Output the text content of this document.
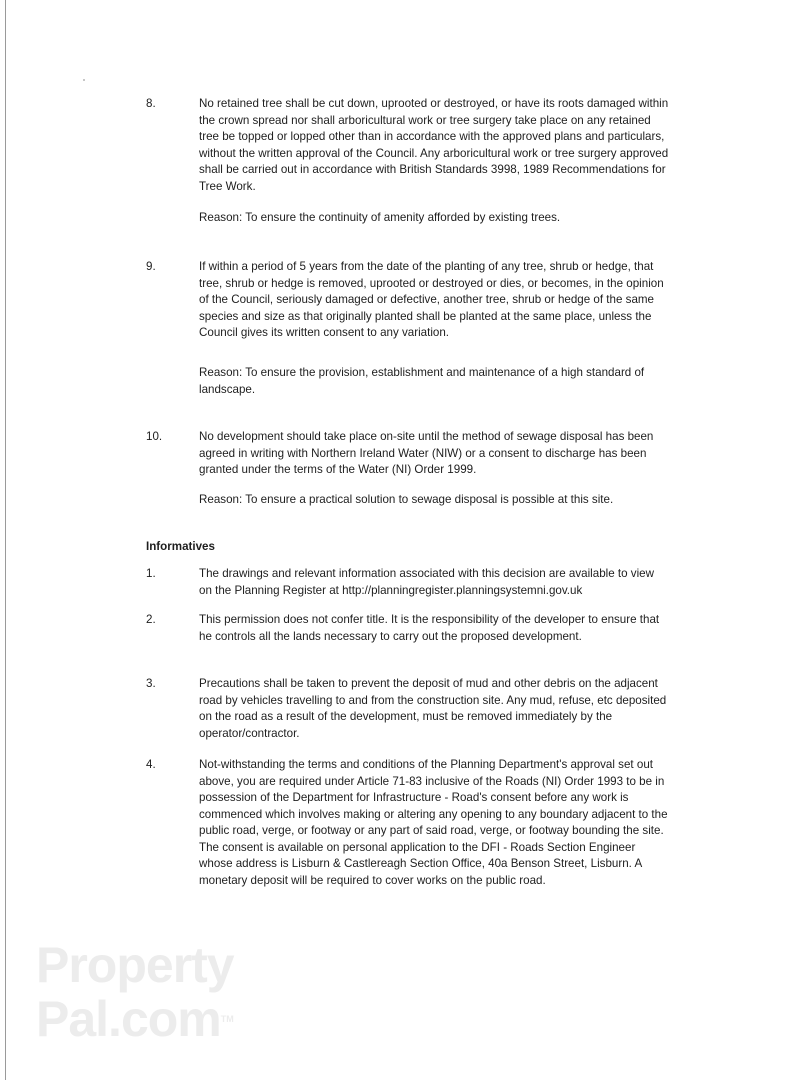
8.	No retained tree shall be cut down, uprooted or destroyed, or have its roots damaged within the crown spread nor shall arboricultural work or tree surgery take place on any retained tree be topped or lopped other than in accordance with the approved plans and particulars, without the written approval of the Council. Any arboricultural work or tree surgery approved shall be carried out in accordance with British Standards 3998, 1989 Recommendations for Tree Work.
Reason: To ensure the continuity of amenity afforded by existing trees.
9.	If within a period of 5 years from the date of the planting of any tree, shrub or hedge, that tree, shrub or hedge is removed, uprooted or destroyed or dies, or becomes, in the opinion of the Council, seriously damaged or defective, another tree, shrub or hedge of the same species and size as that originally planted shall be planted at the same place, unless the Council gives its written consent to any variation.
Reason: To ensure the provision, establishment and maintenance of a high standard of landscape.
10.	No development should take place on-site until the method of sewage disposal has been agreed in writing with Northern Ireland Water (NIW) or a consent to discharge has been granted under the terms of the Water (NI) Order 1999.
Reason: To ensure a practical solution to sewage disposal is possible at this site.
Informatives
1.	The drawings and relevant information associated with this decision are available to view on the Planning Register at http://planningregister.planningsystemni.gov.uk
2.	This permission does not confer title. It is the responsibility of the developer to ensure that he controls all the lands necessary to carry out the proposed development.
3.	Precautions shall be taken to prevent the deposit of mud and other debris on the adjacent road by vehicles travelling to and from the construction site. Any mud, refuse, etc deposited on the road as a result of the development, must be removed immediately by the operator/contractor.
4.	Not-withstanding the terms and conditions of the Planning Department's approval set out above, you are required under Article 71-83 inclusive of the Roads (NI) Order 1993 to be in possession of the Department for Infrastructure - Road's consent before any work is commenced which involves making or altering any opening to any boundary adjacent to the public road, verge, or footway or any part of said road, verge, or footway bounding the site. The consent is available on personal application to the DFI - Roads Section Engineer whose address is Lisburn & Castlereagh Section Office, 40a Benson Street, Lisburn. A monetary deposit will be required to cover works on the public road.
Property
Pal.com™
